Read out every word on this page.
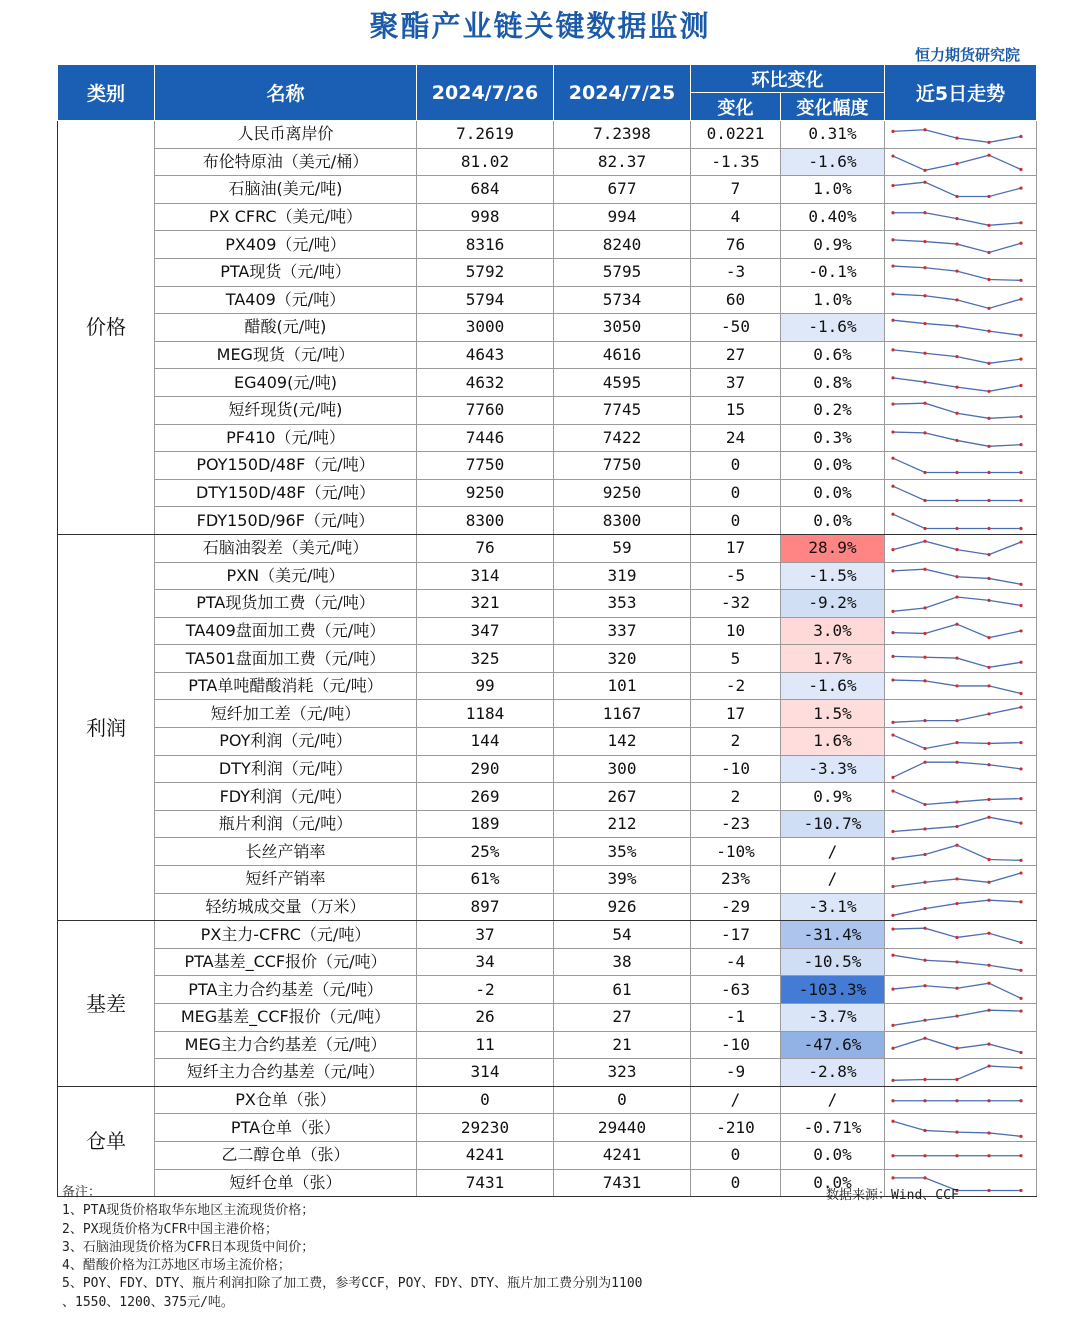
聚酯产业链关键数据监测
恒力期货研究院
类别	名称	2024/7/26	2024/7/25	环比变化		近5日走势
				变化	变化幅度	
价格	人民币离岸价	7.2619	7.2398	0.0221	0.31%	

	布伦特原油（美元/桶）	81.02	82.37	-1.35	-1.6%	

	石脑油(美元/吨)	684	677	7	1.0%	

	PX CFRC（美元/吨）	998	994	4	0.40%	

	PX409（元/吨）	8316	8240	76	0.9%	

	PTA现货（元/吨）	5792	5795	-3	-0.1%	

	TA409（元/吨）	5794	5734	60	1.0%	

	醋酸(元/吨)	3000	3050	-50	-1.6%	

	MEG现货（元/吨）	4643	4616	27	0.6%	

	EG409(元/吨)	4632	4595	37	0.8%	

	短纤现货(元/吨)	7760	7745	15	0.2%	

	PF410（元/吨）	7446	7422	24	0.3%	

	POY150D/48F（元/吨）	7750	7750	0	0.0%	

	DTY150D/48F（元/吨）	9250	9250	0	0.0%	

	FDY150D/96F（元/吨）	8300	8300	0	0.0%	

利润	石脑油裂差（美元/吨）	76	59	17	28.9%	

	PXN（美元/吨）	314	319	-5	-1.5%	

	PTA现货加工费（元/吨）	321	353	-32	-9.2%	

	TA409盘面加工费（元/吨）	347	337	10	3.0%	

	TA501盘面加工费（元/吨）	325	320	5	1.7%	

	PTA单吨醋酸消耗（元/吨）	99	101	-2	-1.6%	

	短纤加工差（元/吨）	1184	1167	17	1.5%	

	POY利润（元/吨）	144	142	2	1.6%	

	DTY利润（元/吨）	290	300	-10	-3.3%	

	FDY利润（元/吨）	269	267	2	0.9%	

	瓶片利润（元/吨）	189	212	-23	-10.7%	

	长丝产销率	25%	35%	-10%	/	

	短纤产销率	61%	39%	23%	/	

	轻纺城成交量（万米）	897	926	-29	-3.1%	

基差	PX主力-CFRC（元/吨）	37	54	-17	-31.4%	

	PTA基差_CCF报价（元/吨）	34	38	-4	-10.5%	

	PTA主力合约基差（元/吨）	-2	61	-63	-103.3%	

	MEG基差_CCF报价（元/吨）	26	27	-1	-3.7%	

	MEG主力合约基差（元/吨）	11	21	-10	-47.6%	

	短纤主力合约基差（元/吨）	314	323	-9	-2.8%	

仓单	PX仓单（张）	0	0	/	/	

	PTA仓单（张）	29230	29440	-210	-0.71%	

	乙二醇仓单（张）	4241	4241	0	0.0%	

	短纤仓单（张）	7431	7431	0	0.0%	
备注：
1、PTA现货价格取华东地区主流现货价格；
2、PX现货价格为CFR中国主港价格；
3、石脑油现货价格为CFR日本现货中间价；
4、醋酸价格为江苏地区市场主流价格；
5、POY、FDY、DTY、瓶片利润扣除了加工费，参考CCF，POY、FDY、DTY、瓶片加工费分别为1100
、1550、1200、375元/吨。
数据来源：Wind、CCF
